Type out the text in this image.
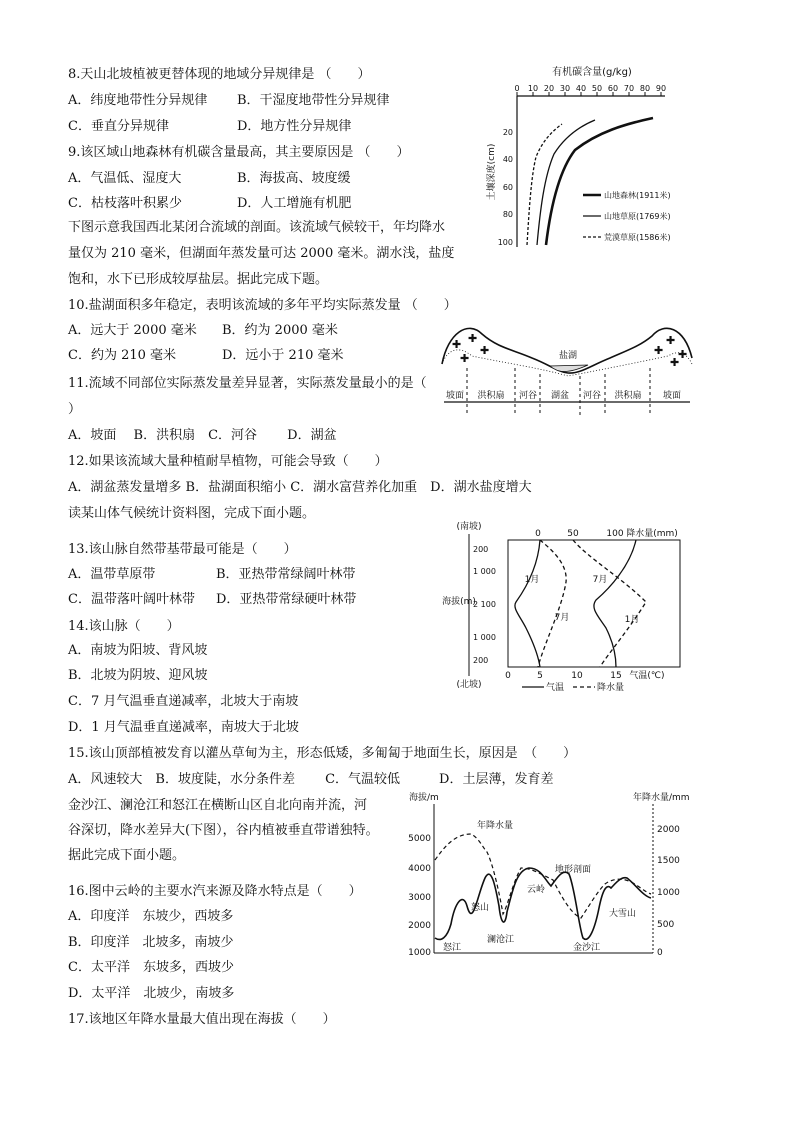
8.天山北坡植被更替体现的地域分异规律是 （　　）
A．纬度地带性分异规律 B．干湿度地带性分异规律
C．垂直分异规律	D．地方性分异规律
9.该区域山地森林有机碳含量最高，其主要原因是 （　　）
A．气温低、湿度大	B．海拔高、坡度缓
C．枯枝落叶积累少	D．人工增施有机肥
下图示意我国西北某闭合流域的剖面。该流域气候较干，年均降水
量仅为 210 毫米，但湖面年蒸发量可达 2000 毫米。湖水浅，盐度
饱和，水下已形成较厚盐层。据此完成下题。
10.盐湖面积多年稳定，表明该流域的多年平均实际蒸发量 （　　）
A．远大于 2000 毫米 B．约为 2000 毫米
C．约为 210 毫米	D．远小于 210 毫米
11.流域不同部位实际蒸发量差异显著，实际蒸发量最小的是（
）
A．坡面　 B．洪积扇　C．河谷　　 D．湖盆
12.如果该流域大量种植耐旱植物，可能会导致（　　）
A．湖盆蒸发量增多 B．盐湖面积缩小 C．湖水富营养化加重　D．湖水盐度增大
读某山体气候统计资料图，完成下面小题。
13.该山脉自然带基带最可能是（　　）
A．温带草原带	B．亚热带常绿阔叶林带
C．温带落叶阔叶林带 D．亚热带常绿硬叶林带
14.该山脉（　　）
A．南坡为阳坡、背风坡
B．北坡为阴坡、迎风坡
C．7 月气温垂直递减率，北坡大于南坡
D．1 月气温垂直递减率，南坡大于北坡
15.该山顶部植被发育以灌丛草甸为主，形态低矮，多匍匐于地面生长，原因是　（　　）
A．风速较大　B．坡度陡，水分条件差　　 C．气温较低　　　D．土层薄，发育差
金沙江、澜沧江和怒江在横断山区自北向南并流，河
谷深切，降水差异大(下图），谷内植被垂直带谱独特。
据此完成下面小题。
16.图中云岭的主要水汽来源及降水特点是（　　）
A．印度洋　东坡少，西坡多
B．印度洋　北坡多，南坡少
C．太平洋　东坡多，西坡少
D．太平洋　北坡少，南坡多
17.该地区年降水量最大值出现在海拔（　　）
有机碳含量(g/kg)
0 10 20 30 40 50 60 70 80 90
土壤深度(cm)
20
40
60
80
100
山地森林(1911米)
山地草原(1769米)
荒漠草原(1586米)
盐湖
✚ ✚
✚
✚	✚
✚
✚
✚
坡面 洪积扇 河谷 湖盆 河谷 洪积扇 坡面
(南坡)
(北坡)
海拔(m)
200
1 000
2 100
1 000
200
0	50	100 降水量(mm)
0	5	10	15 气温(℃)
1月	7月
7月	1月
气温	降水量
海拔/m	年降水量/mm
5000
4000
3000
2000
1000
2000
1500
1000
500
0
年降水量
地形剖面
怒山
云岭
大雪山
怒江
澜沧江
金沙江
